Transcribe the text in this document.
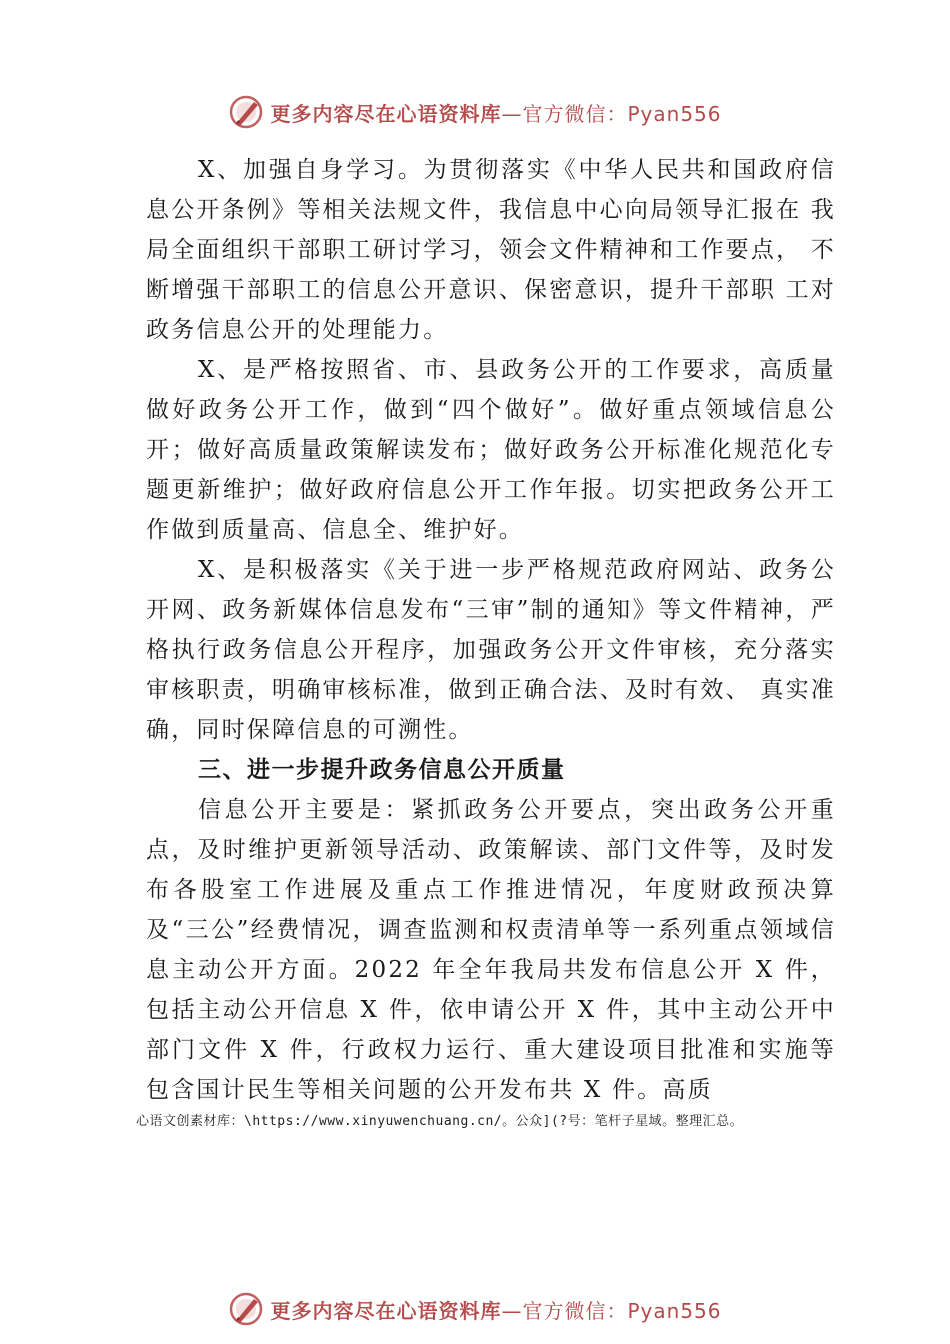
更多内容尽在心语资料库—官方微信：Pyan556

X、加强自身学习。为贯彻落实《中华人民共和国政府信息公开条例》等相关法规文件，我信息中心向局领导汇报在 我局全面组织干部职工研讨学习，领会文件精神和工作要点， 不断增强干部职工的信息公开意识、保密意识，提升干部职 工对政务信息公开的处理能力。

X、是严格按照省、市、县政务公开的工作要求，高质量做好政务公开工作，做到“四个做好”。做好重点领域信息公开；做好高质量政策解读发布；做好政务公开标准化规范化专题更新维护；做好政府信息公开工作年报。切实把政务公开工作做到质量高、信息全、维护好。

X、是积极落实《关于进一步严格规范政府网站、政务公开网、政务新媒体信息发布“三审”制的通知》等文件精神，严格执行政务信息公开程序，加强政务公开文件审核，充分落实审核职责，明确审核标准，做到正确合法、及时有效、 真实准确，同时保障信息的可溯性。

三、进一步提升政务信息公开质量

信息公开主要是：紧抓政务公开要点，突出政务公开重点，及时维护更新领导活动、政策解读、部门文件等，及时发布各股室工作进展及重点工作推进情况，年度财政预决算及“三公”经费情况，调查监测和权责清单等一系列重点领域信息主动公开方面。2022 年全年我局共发布信息公开 X 件，包括主动公开信息 X 件，依申请公开 X 件，其中主动公开中部门文件 X 件，行政权力运行、重大建设项目批准和实施等包含国计民生等相关问题的公开发布共 X 件。高质

心语文创素材库：\https://www.xinyuwenchuang.cn/。公众](?号：笔杆子星域。整理汇总。
更多内容尽在心语资料库—官方微信：Pyan556
